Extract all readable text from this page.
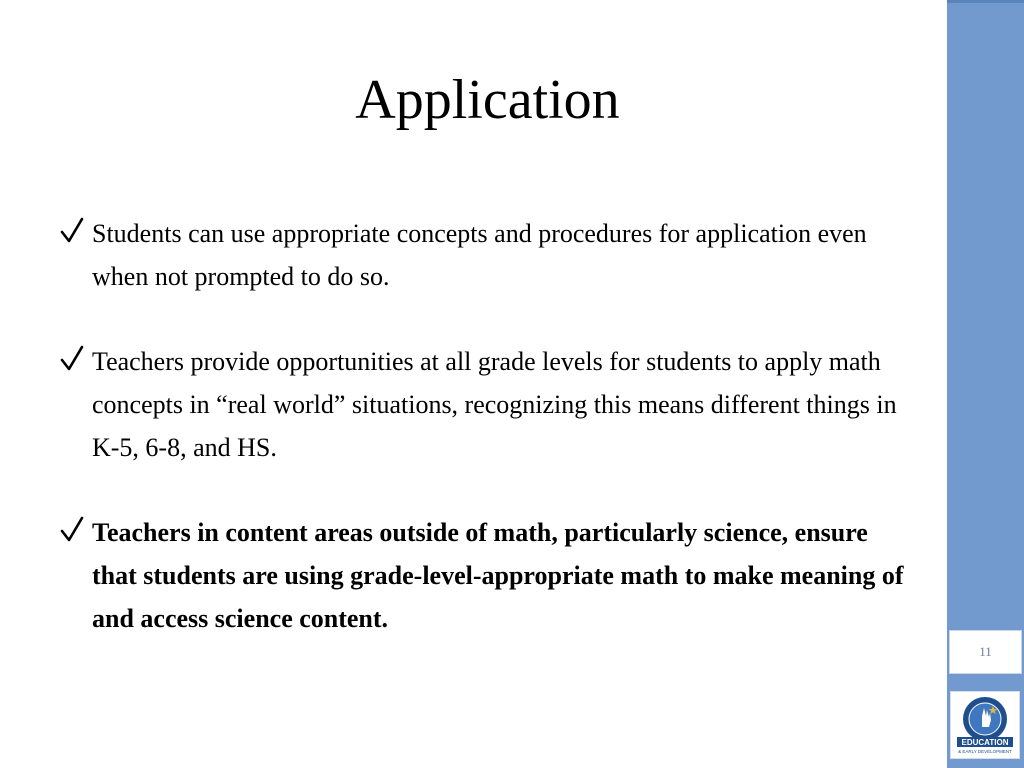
Application
Students can use appropriate concepts and procedures for application even when not prompted to do so.
Teachers provide opportunities at all grade levels for students to apply math concepts in “real world” situations, recognizing this means different things in K-5, 6-8, and HS.
Teachers in content areas outside of math, particularly science, ensure that students are using grade-level-appropriate math to make meaning of and access science content.
11
EDUCATION
& EARLY DEVELOPMENT
